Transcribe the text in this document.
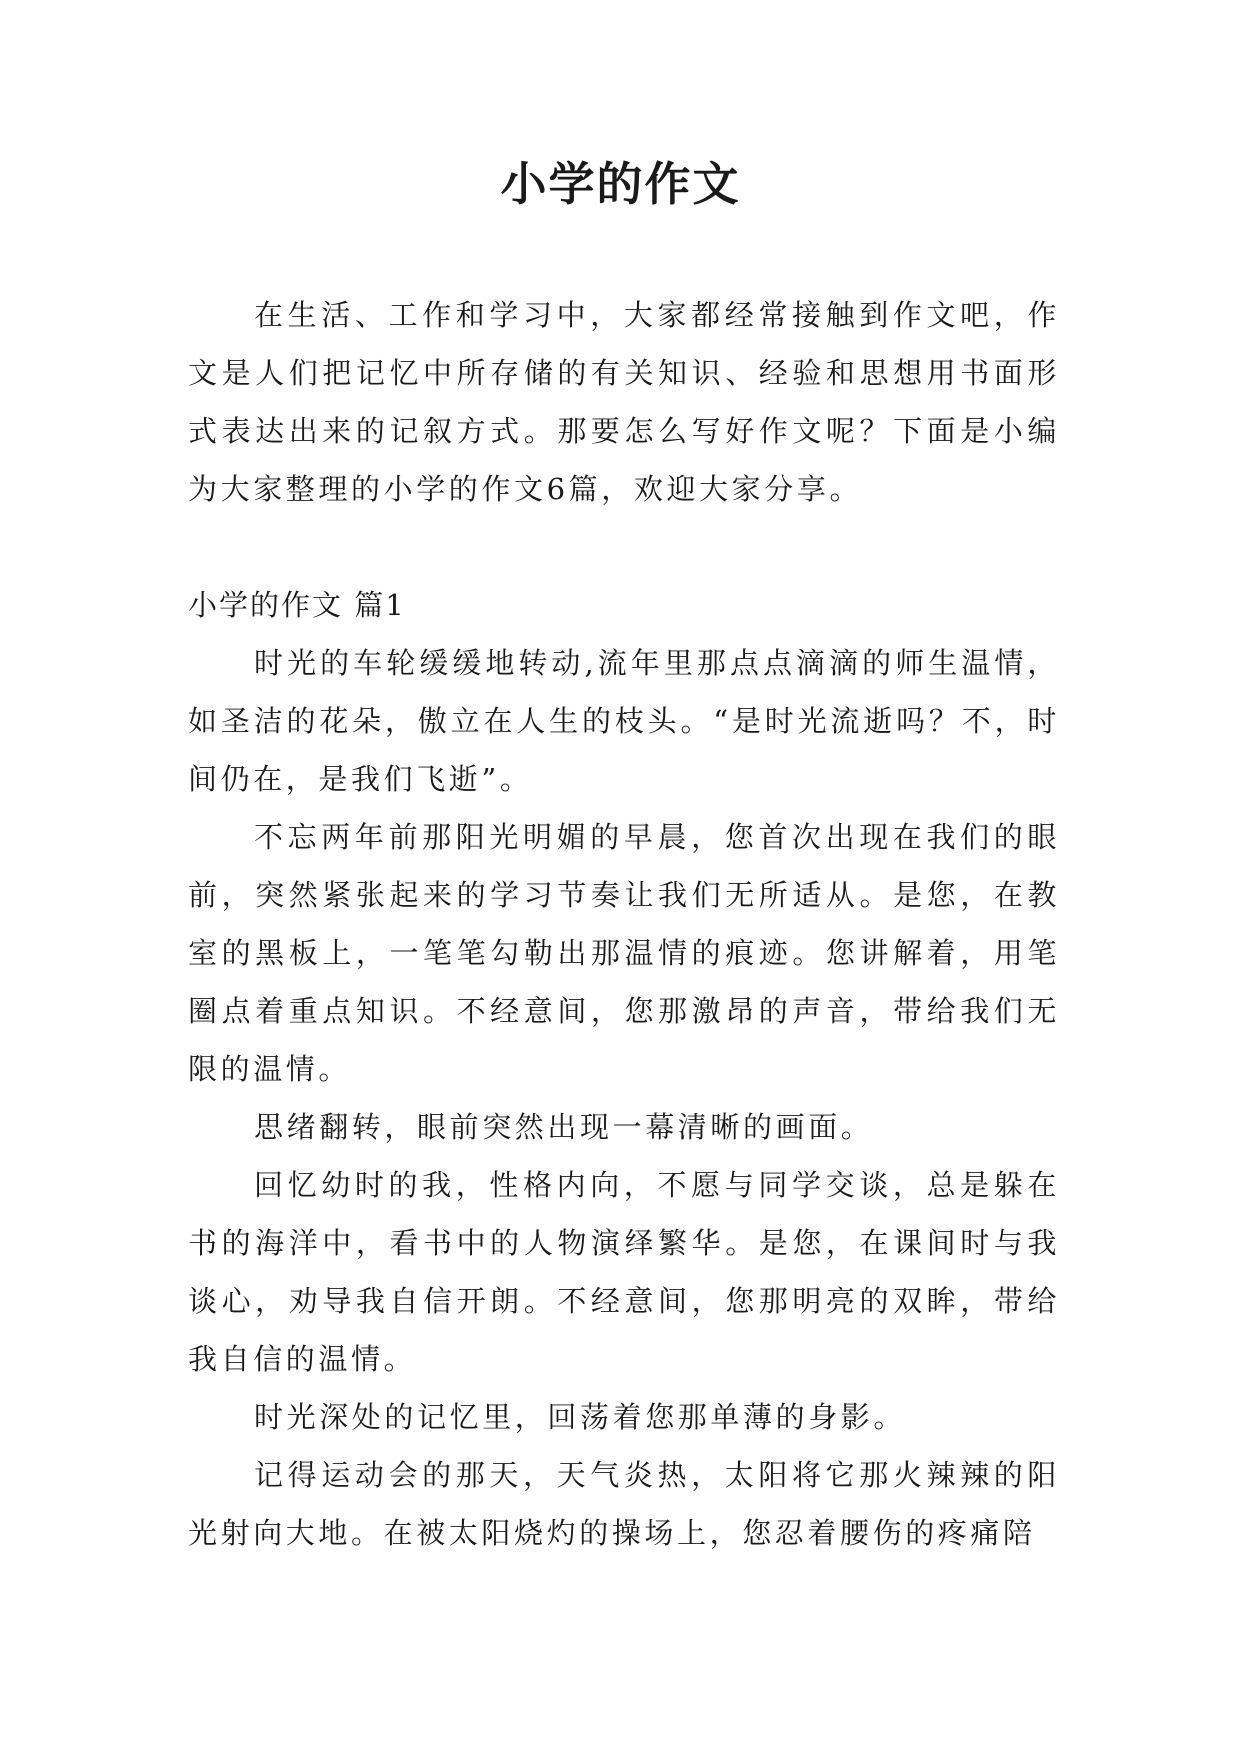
小学的作文

在生活、工作和学习中，大家都经常接触到作文吧，作文是人们把记忆中所存储的有关知识、经验和思想用书面形式表达出来的记叙方式。那要怎么写好作文呢？下面是小编为大家整理的小学的作文6篇，欢迎大家分享。

小学的作文 篇1

时光的车轮缓缓地转动,流年里那点点滴滴的师生温情，如圣洁的花朵，傲立在人生的枝头。“是时光流逝吗？不，时间仍在，是我们飞逝”。

不忘两年前那阳光明媚的早晨，您首次出现在我们的眼前，突然紧张起来的学习节奏让我们无所适从。是您，在教室的黑板上，一笔笔勾勒出那温情的痕迹。您讲解着，用笔圈点着重点知识。不经意间，您那激昂的声音，带给我们无限的温情。

思绪翻转，眼前突然出现一幕清晰的画面。

回忆幼时的我，性格内向，不愿与同学交谈，总是躲在书的海洋中，看书中的人物演绎繁华。是您，在课间时与我谈心，劝导我自信开朗。不经意间，您那明亮的双眸，带给我自信的温情。

时光深处的记忆里，回荡着您那单薄的身影。

记得运动会的那天，天气炎热，太阳将它那火辣辣的阳光射向大地。在被太阳烧灼的操场上，您忍着腰伤的疼痛陪
